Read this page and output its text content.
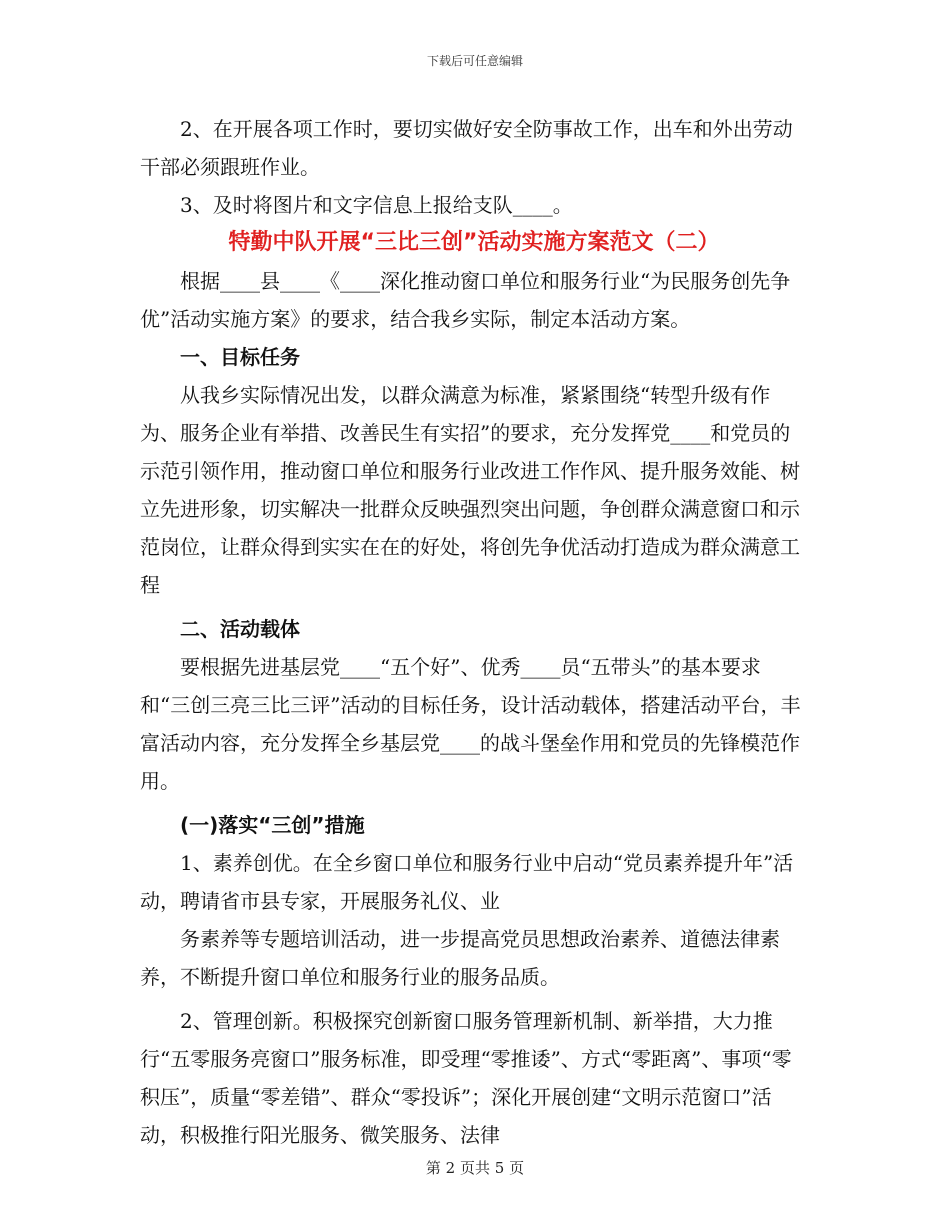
下载后可任意编辑

2、在开展各项工作时，要切实做好安全防事故工作，出车和外出劳动干部必须跟班作业。

3、及时将图片和文字信息上报给支队____。

特勤中队开展“三比三创”活动实施方案范文（二）

根据____县____《____深化推动窗口单位和服务行业“为民服务创先争优”活动实施方案》的要求，结合我乡实际，制定本活动方案。

一、目标任务

从我乡实际情况出发，以群众满意为标准，紧紧围绕“转型升级有作为、服务企业有举措、改善民生有实招”的要求，充分发挥党____和党员的示范引领作用，推动窗口单位和服务行业改进工作作风、提升服务效能、树立先进形象，切实解决一批群众反映强烈突出问题，争创群众满意窗口和示范岗位，让群众得到实实在在的好处，将创先争优活动打造成为群众满意工程

二、活动载体

要根据先进基层党____“五个好”、优秀____员“五带头”的基本要求和“三创三亮三比三评”活动的目标任务，设计活动载体，搭建活动平台，丰富活动内容，充分发挥全乡基层党____的战斗堡垒作用和党员的先锋模范作用。

(一)落实“三创”措施

1、素养创优。在全乡窗口单位和服务行业中启动“党员素养提升年”活动，聘请省市县专家，开展服务礼仪、业

务素养等专题培训活动，进一步提高党员思想政治素养、道德法律素养，不断提升窗口单位和服务行业的服务品质。

2、管理创新。积极探究创新窗口服务管理新机制、新举措，大力推行“五零服务亮窗口”服务标准，即受理“零推诿”、方式“零距离”、事项“零积压”，质量“零差错”、群众“零投诉”；深化开展创建“文明示范窗口”活动，积极推行阳光服务、微笑服务、法律

第 2 页共 5 页
